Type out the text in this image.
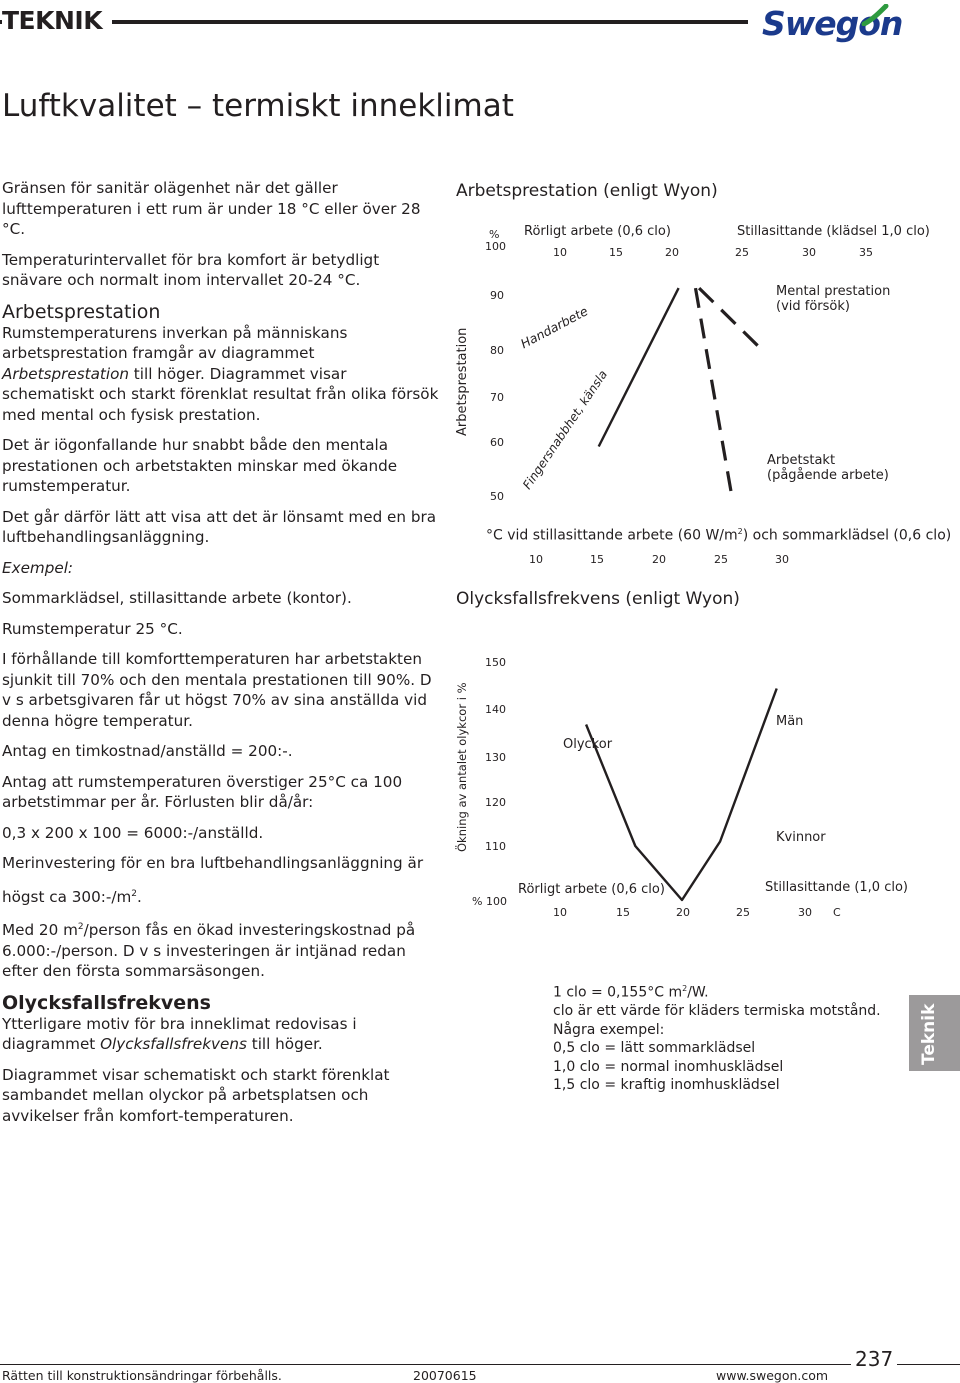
TEKNIK	Swegon
Luftkvalitet – termiskt inneklimat

Gränsen för sanitär olägenhet när det gäller lufttemperaturen i ett rum är under 18 °C eller över 28 °C.

Temperaturintervallet för bra komfort är betydligt snävare och normalt inom intervallet 20-24 °C.

Arbetsprestation

Rumstemperaturens inverkan på människans arbetsprestation framgår av diagrammet Arbetsprestation till höger. Diagrammet visar schematiskt och starkt förenklat resultat från olika försök med mental och fysisk prestation.

Det är iögonfallande hur snabbt både den mentala prestationen och arbetstakten minskar med ökande rumstemperatur.

Det går därför lätt att visa att det är lönsamt med en bra luftbehandlingsanläggning.

Exempel:

Sommarklädsel, stillasittande arbete (kontor).

Rumstemperatur 25 °C.

I förhållande till komforttemperaturen har arbetstakten sjunkit till 70% och den mentala prestationen till 90%. D v s arbetsgivaren får ut högst 70% av sina anställda vid denna högre temperatur.

Antag en timkostnad/anställd = 200:-.

Antag att rumstemperaturen överstiger 25°C ca 100 arbetstimmar per år. Förlusten blir då/år:

0,3 x 200 x 100 = 6000:-/anställd.

Merinvestering för en bra luftbehandlingsanläggning är

högst ca $300:-/m^2$.

Med 20 $m^2$/person fås en ökad investeringskostnad på 6.000:-/person. D v s investeringen är intjänad redan efter den första sommarsäsongen.

Olycksfallsfrekvens

Ytterligare motiv för bra inneklimat redovisas i diagrammet Olycksfallsfrekvens till höger.

Diagrammet visar schematiskt och starkt förenklat sambandet mellan olyckor på arbetsplatsen och avvikelser från komfort-temperaturen.

Arbetsprestation (enligt Wyon)
%
100
90
80
70
60
50
Arbetsprestation
Rörligt arbete (0,6 clo)	Stillasittande (klädsel 1,0 clo)
10	15	20	25	30	35
Handarbete
Fingersnabbhet, känsla
Mental prestation
(vid försök)
Arbetstakt
(pågående arbete)
°C vid stillasittande arbete (60 $W/m^2$) och sommarklädsel (0,6 clo)
10	15	20	25	30
Olycksfallsfrekvens (enligt Wyon)
150
140
130
120
110
% 100
Ökning av antalet olykcor i %	Olyckor
Män
Kvinnor
Rörligt arbete (0,6 clo)	Stillasittande (1,0 clo)
10	15	20	25	30 C
1 clo = 0,155°C $m^2/W$.
clo är ett värde för kläders termiska motstånd.
Några exempel:
0,5 clo = lätt sommarklädsel
1,0 clo = normal inomhusklädsel
1,5 clo = kraftig inomhusklädsel
Teknik
237
Rätten till konstruktionsändringar förbehålls.	20070615	www.swegon.com
